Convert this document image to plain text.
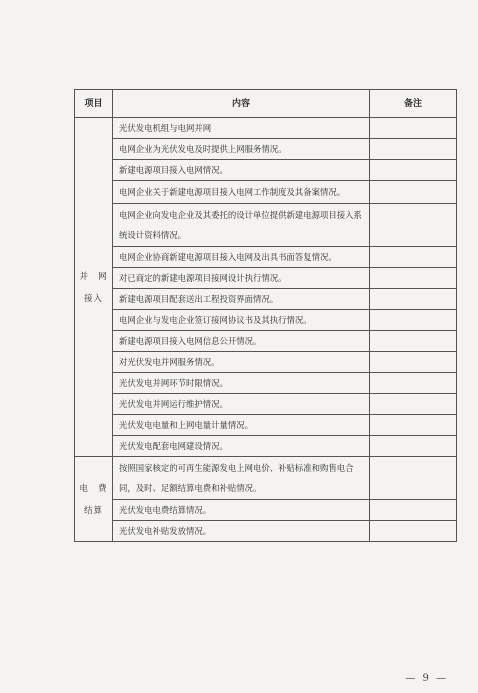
项目	内容	备注
并　网
接入	光伏发电机组与电网并网	
	电网企业为光伏发电及时提供上网服务情况。	
	新建电源项目接入电网情况。	
	电网企业关于新建电源项目接入电网工作制度及其备案情况。	
	电网企业向发电企业及其委托的设计单位提供新建电源项目接入系统设计资料情况。	
	电网企业协商新建电源项目接入电网及出具书面答复情况。	
	对已商定的新建电源项目接网设计执行情况。	
	新建电源项目配套送出工程投资界面情况。	
	电网企业与发电企业签订接网协议书及其执行情况。	
	新建电源项目接入电网信息公开情况。	
	对光伏发电并网服务情况。	
	光伏发电并网环节时限情况。	
	光伏发电并网运行维护情况。	
	光伏发电电量和上网电量计量情况。	
	光伏发电配套电网建设情况。	
电　费
结算	按照国家核定的可再生能源发电上网电价、补贴标准和购售电合同，及时、足额结算电费和补贴情况。	
	光伏发电电费结算情况。	
	光伏发电补贴发放情况。	
— 9 —
